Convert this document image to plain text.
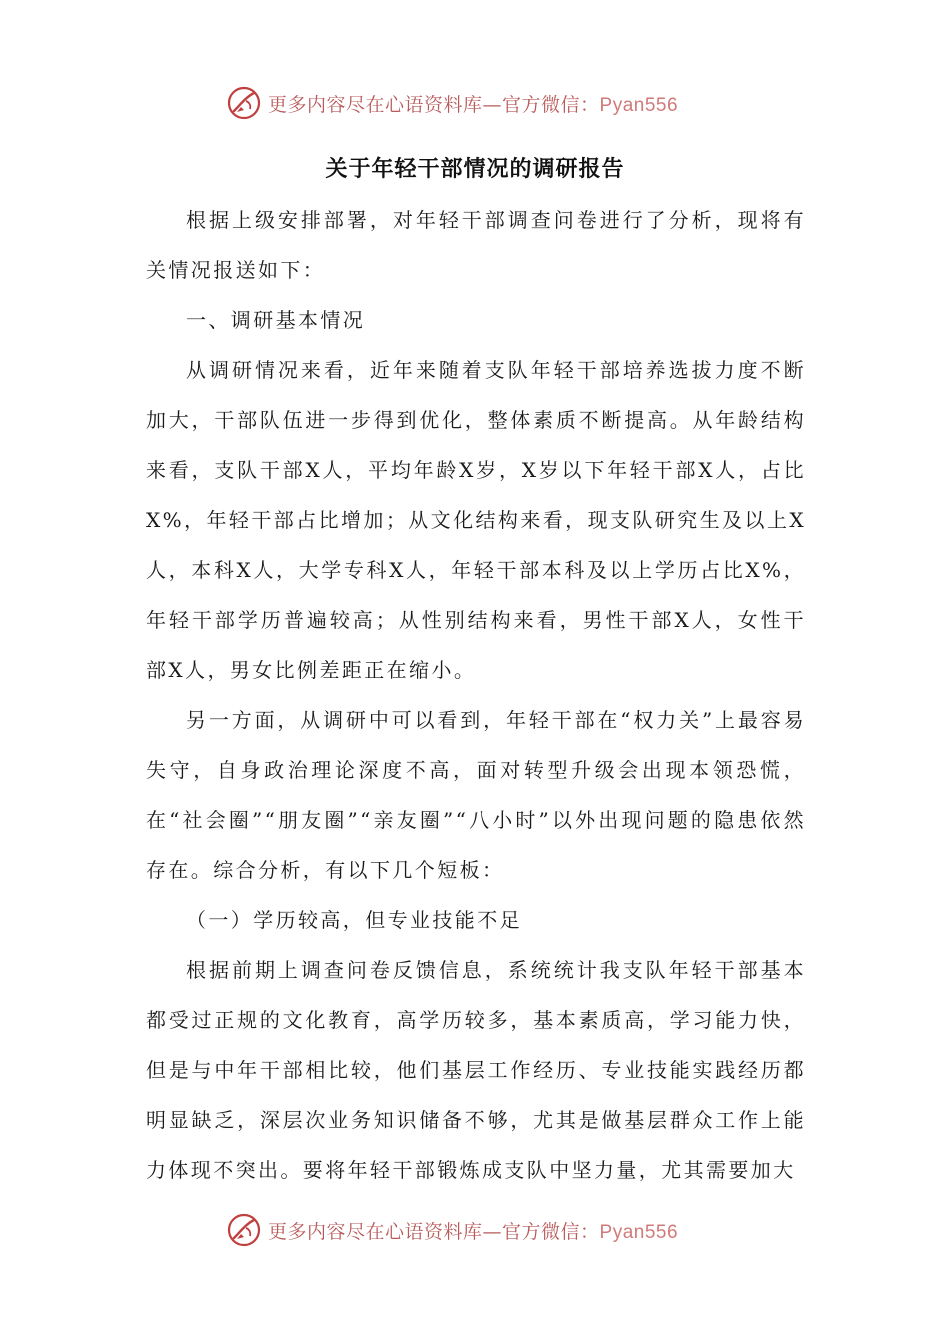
更多内容尽在心语资料库—官方微信：Pyan556
关于年轻干部情况的调研报告

根据上级安排部署，对年轻干部调查问卷进行了分析，现将有关情况报送如下：

一、调研基本情况

从调研情况来看，近年来随着支队年轻干部培养选拔力度不断加大，干部队伍进一步得到优化，整体素质不断提高。从年龄结构来看，支队干部X人，平均年龄X岁，X岁以下年轻干部X人，占比X%，年轻干部占比增加；从文化结构来看，现支队研究生及以上X人，本科X人，大学专科X人，年轻干部本科及以上学历占比X%，年轻干部学历普遍较高；从性别结构来看，男性干部X人，女性干部X人，男女比例差距正在缩小。

另一方面，从调研中可以看到，年轻干部在“权力关”上最容易失守，自身政治理论深度不高，面对转型升级会出现本领恐慌，在“社会圈”“朋友圈”“亲友圈”“八小时”以外出现问题的隐患依然存在。综合分析，有以下几个短板：

（一）学历较高，但专业技能不足

根据前期上调查问卷反馈信息，系统统计我支队年轻干部基本都受过正规的文化教育，高学历较多，基本素质高，学习能力快，但是与中年干部相比较，他们基层工作经历、专业技能实践经历都明显缺乏，深层次业务知识储备不够，尤其是做基层群众工作上能力体现不突出。要将年轻干部锻炼成支队中坚力量，尤其需要加大

更多内容尽在心语资料库—官方微信：Pyan556
